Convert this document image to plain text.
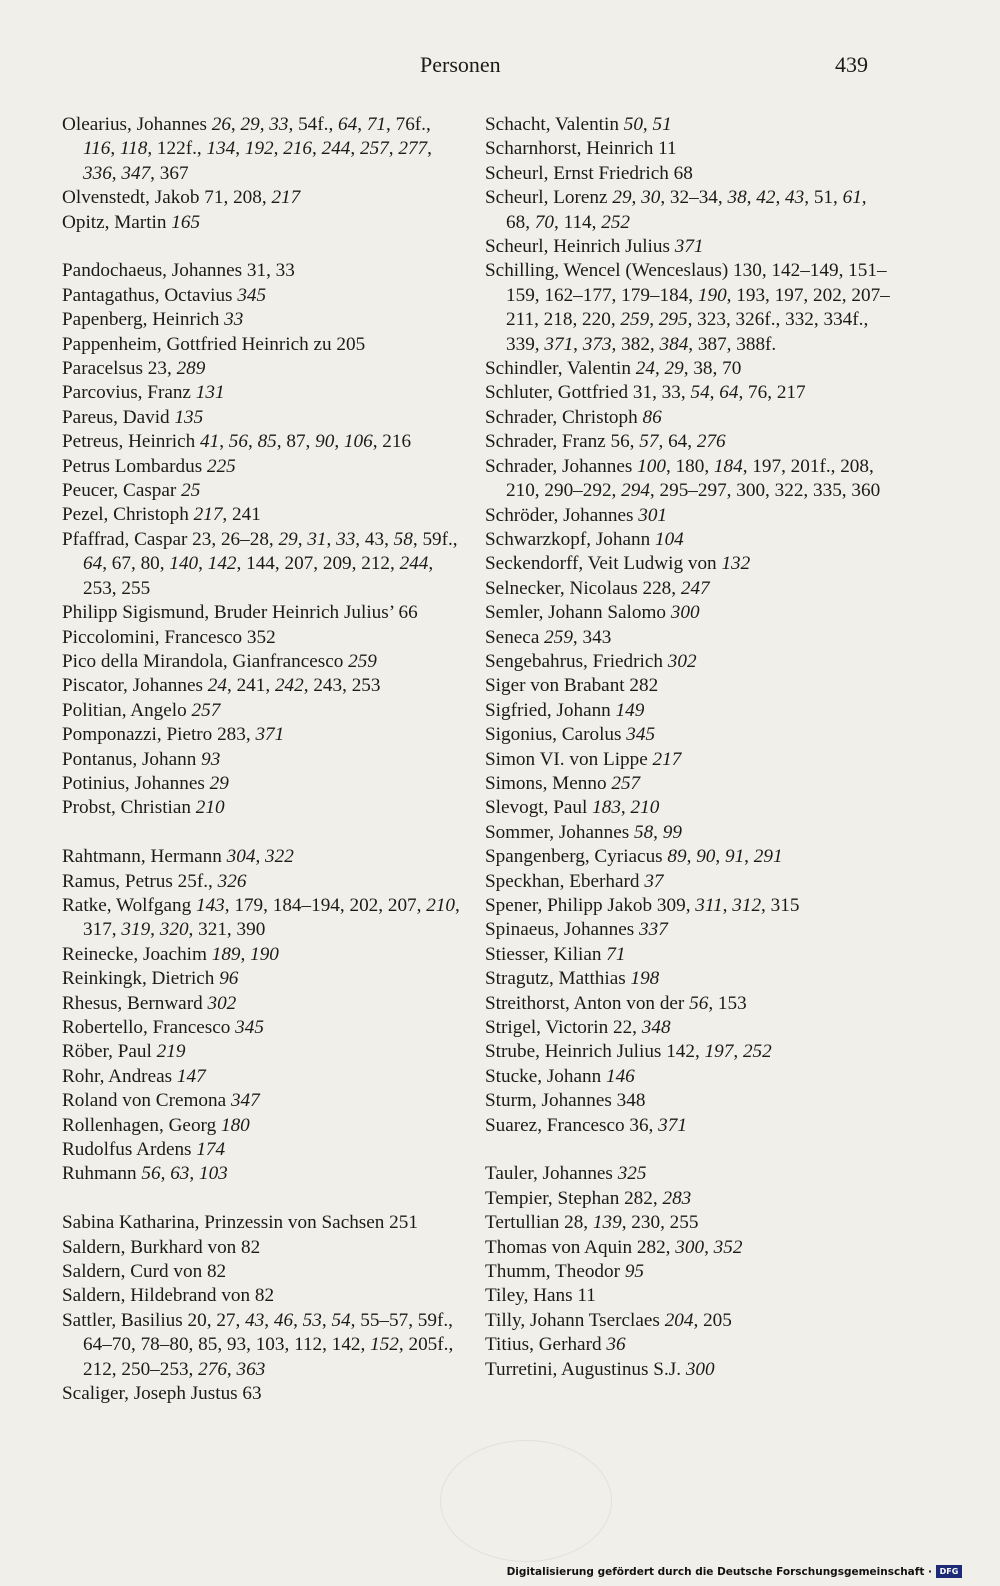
Personen	439
Olearius, Johannes 26, 29, 33, 54f., 64, 71, 76f., 116, 118, 122f., 134, 192, 216, 244, 257, 277, 336, 347, 367
Olvenstedt, Jakob 71, 208, 217
Opitz, Martin 165
Pandochaeus, Johannes 31, 33
Pantagathus, Octavius 345
Papenberg, Heinrich 33
Pappenheim, Gottfried Heinrich zu 205
Paracelsus 23, 289
Parcovius, Franz 131
Pareus, David 135
Petreus, Heinrich 41, 56, 85, 87, 90, 106, 216
Petrus Lombardus 225
Peucer, Caspar 25
Pezel, Christoph 217, 241
Pfaffrad, Caspar 23, 26–28, 29, 31, 33, 43, 58, 59f., 64, 67, 80, 140, 142, 144, 207, 209, 212, 244, 253, 255
Philipp Sigismund, Bruder Heinrich Julius’ 66
Piccolomini, Francesco 352
Pico della Mirandola, Gianfrancesco 259
Piscator, Johannes 24, 241, 242, 243, 253
Politian, Angelo 257
Pomponazzi, Pietro 283, 371
Pontanus, Johann 93
Potinius, Johannes 29
Probst, Christian 210
Rahtmann, Hermann 304, 322
Ramus, Petrus 25f., 326
Ratke, Wolfgang 143, 179, 184–194, 202, 207, 210, 317, 319, 320, 321, 390
Reinecke, Joachim 189, 190
Reinkingk, Dietrich 96
Rhesus, Bernward 302
Robertello, Francesco 345
Röber, Paul 219
Rohr, Andreas 147
Roland von Cremona 347
Rollenhagen, Georg 180
Rudolfus Ardens 174
Ruhmann 56, 63, 103
Sabina Katharina, Prinzessin von Sachsen 251
Saldern, Burkhard von 82
Saldern, Curd von 82
Saldern, Hildebrand von 82
Sattler, Basilius 20, 27, 43, 46, 53, 54, 55–57, 59f., 64–70, 78–80, 85, 93, 103, 112, 142, 152, 205f., 212, 250–253, 276, 363
Scaliger, Joseph Justus 63
Schacht, Valentin 50, 51
Scharnhorst, Heinrich 11
Scheurl, Ernst Friedrich 68
Scheurl, Lorenz 29, 30, 32–34, 38, 42, 43, 51, 61, 68, 70, 114, 252
Scheurl, Heinrich Julius 371
Schilling, Wencel (Wenceslaus) 130, 142–149, 151–159, 162–177, 179–184, 190, 193, 197, 202, 207–211, 218, 220, 259, 295, 323, 326f., 332, 334f., 339, 371, 373, 382, 384, 387, 388f.
Schindler, Valentin 24, 29, 38, 70
Schluter, Gottfried 31, 33, 54, 64, 76, 217
Schrader, Christoph 86
Schrader, Franz 56, 57, 64, 276
Schrader, Johannes 100, 180, 184, 197, 201f., 208, 210, 290–292, 294, 295–297, 300, 322, 335, 360
Schröder, Johannes 301
Schwarzkopf, Johann 104
Seckendorff, Veit Ludwig von 132
Selnecker, Nicolaus 228, 247
Semler, Johann Salomo 300
Seneca 259, 343
Sengebahrus, Friedrich 302
Siger von Brabant 282
Sigfried, Johann 149
Sigonius, Carolus 345
Simon VI. von Lippe 217
Simons, Menno 257
Slevogt, Paul 183, 210
Sommer, Johannes 58, 99
Spangenberg, Cyriacus 89, 90, 91, 291
Speckhan, Eberhard 37
Spener, Philipp Jakob 309, 311, 312, 315
Spinaeus, Johannes 337
Stiesser, Kilian 71
Stragutz, Matthias 198
Streithorst, Anton von der 56, 153
Strigel, Victorin 22, 348
Strube, Heinrich Julius 142, 197, 252
Stucke, Johann 146
Sturm, Johannes 348
Suarez, Francesco 36, 371
Tauler, Johannes 325
Tempier, Stephan 282, 283
Tertullian 28, 139, 230, 255
Thomas von Aquin 282, 300, 352
Thumm, Theodor 95
Tiley, Hans 11
Tilly, Johann Tserclaes 204, 205
Titius, Gerhard 36
Turretini, Augustinus S.J. 300
Digitalisierung gefördert durch die Deutsche Forschungsgemeinschaft · DFG
